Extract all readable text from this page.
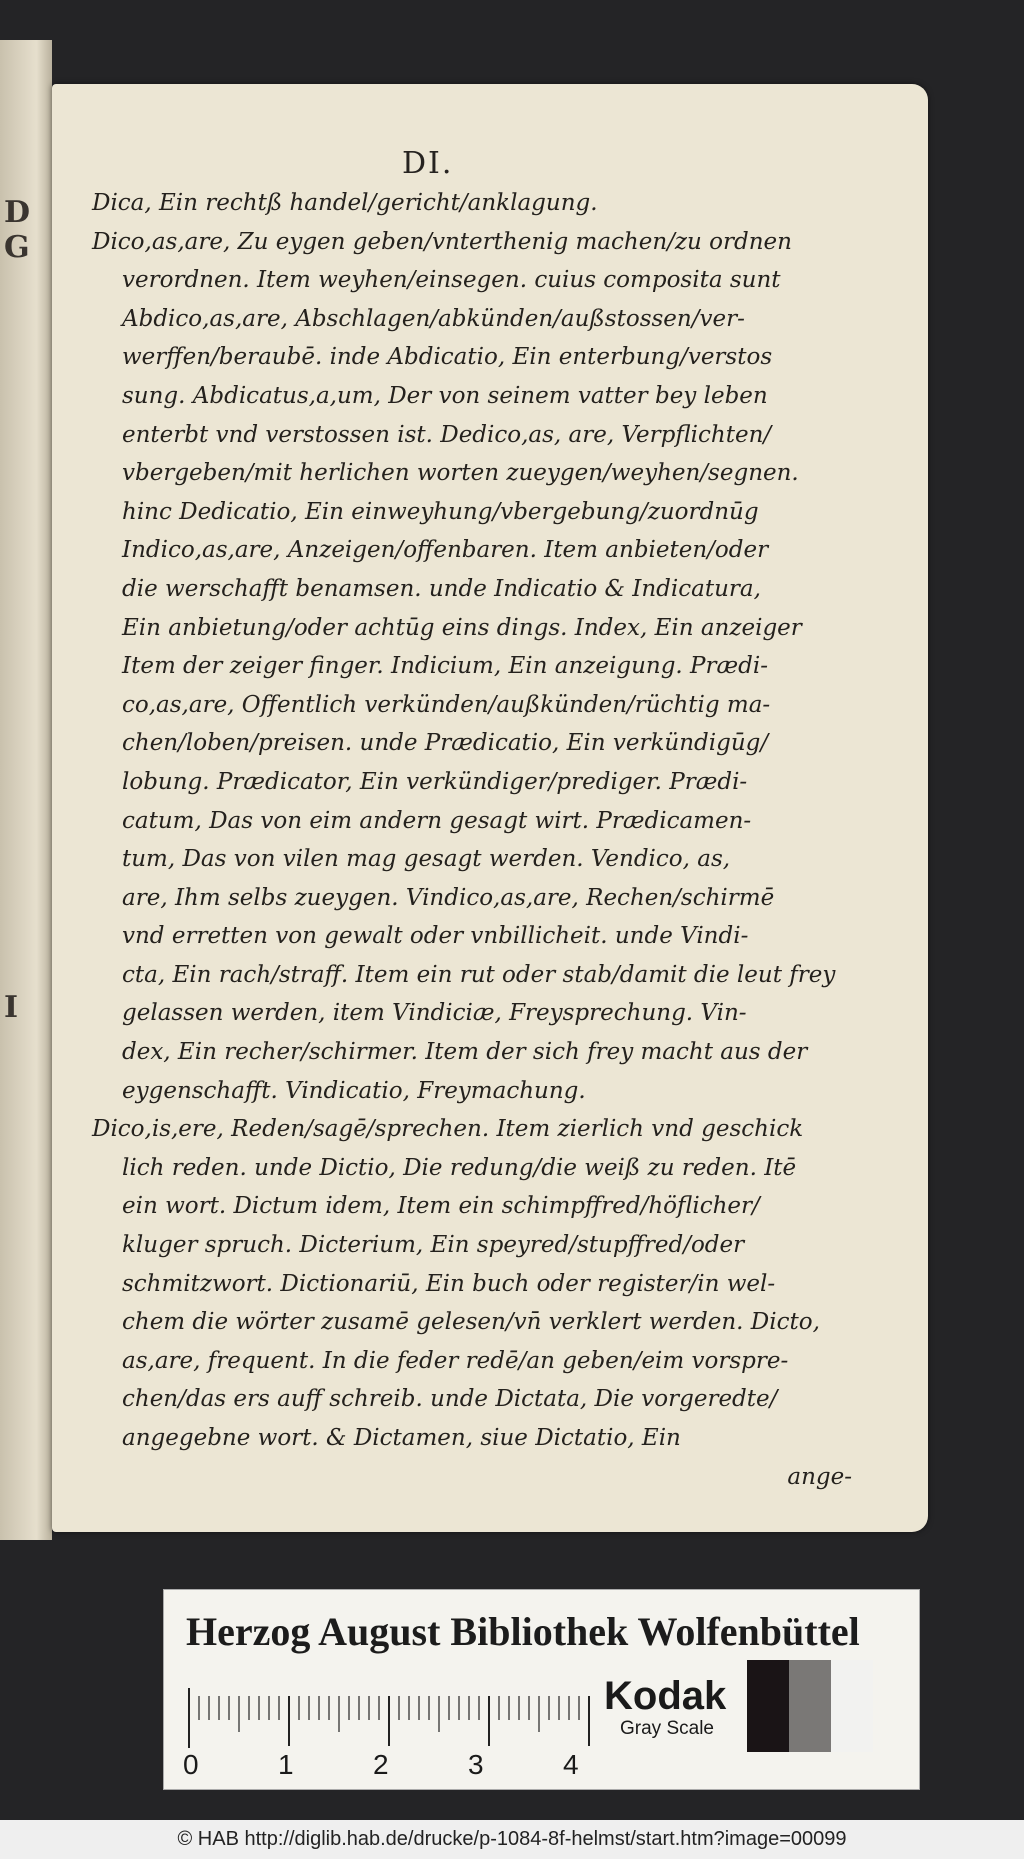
D
G
I
DI.
Dica, Ein rechtß handel/gericht/anklagung.
Dico,as,are, Zu eygen geben/vnterthenig machen/zu ordnen
verordnen. Item weyhen/einsegen. cuius composita sunt
Abdico,as,are, Abschlagen/abkünden/außstossen/ver-
werffen/beraubē. inde Abdicatio, Ein enterbung/verstos
sung. Abdicatus,a,um, Der von seinem vatter bey leben
enterbt vnd verstossen ist. Dedico,as, are, Verpflichten/
vbergeben/mit herlichen worten zueygen/weyhen/segnen.
hinc Dedicatio, Ein einweyhung/vbergebung/zuordnūg
Indico,as,are, Anzeigen/offenbaren. Item anbieten/oder
die werschafft benamsen. unde Indicatio & Indicatura,
Ein anbietung/oder achtūg eins dings. Index, Ein anzeiger
Item der zeiger finger. Indicium, Ein anzeigung. Prædi-
co,as,are, Offentlich verkünden/außkünden/rüchtig ma-
chen/loben/preisen. unde Prædicatio, Ein verkündigūg/
lobung. Prædicator, Ein verkündiger/prediger. Prædi-
catum, Das von eim andern gesagt wirt. Prædicamen-
tum, Das von vilen mag gesagt werden. Vendico, as,
are, Ihm selbs zueygen. Vindico,as,are, Rechen/schirmē
vnd erretten von gewalt oder vnbillicheit. unde Vindi-
cta, Ein rach/straff. Item ein rut oder stab/damit die leut frey
gelassen werden, item Vindiciæ, Freysprechung. Vin-
dex, Ein recher/schirmer. Item der sich frey macht aus der
eygenschafft. Vindicatio, Freymachung.
Dico,is,ere, Reden/sagē/sprechen. Item zierlich vnd geschick
lich reden. unde Dictio, Die redung/die weiß zu reden. Itē
ein wort. Dictum idem, Item ein schimpffred/höflicher/
kluger spruch. Dicterium, Ein speyred/stupffred/oder
schmitzwort. Dictionariū, Ein buch oder register/in wel-
chem die wörter zusamē gelesen/vn̄ verklert werden. Dicto,
as,are, frequent. In die feder redē/an geben/eim vorspre-
chen/das ers auff schreib. unde Dictata, Die vorgeredte/
angegebne wort. & Dictamen, siue Dictatio, Ein
ange-
Herzog August Bibliothek Wolfenbüttel
0	1	2	3	4
Kodak
Gray Scale
© HAB http://diglib.hab.de/drucke/p-1084-8f-helmst/start.htm?image=00099
